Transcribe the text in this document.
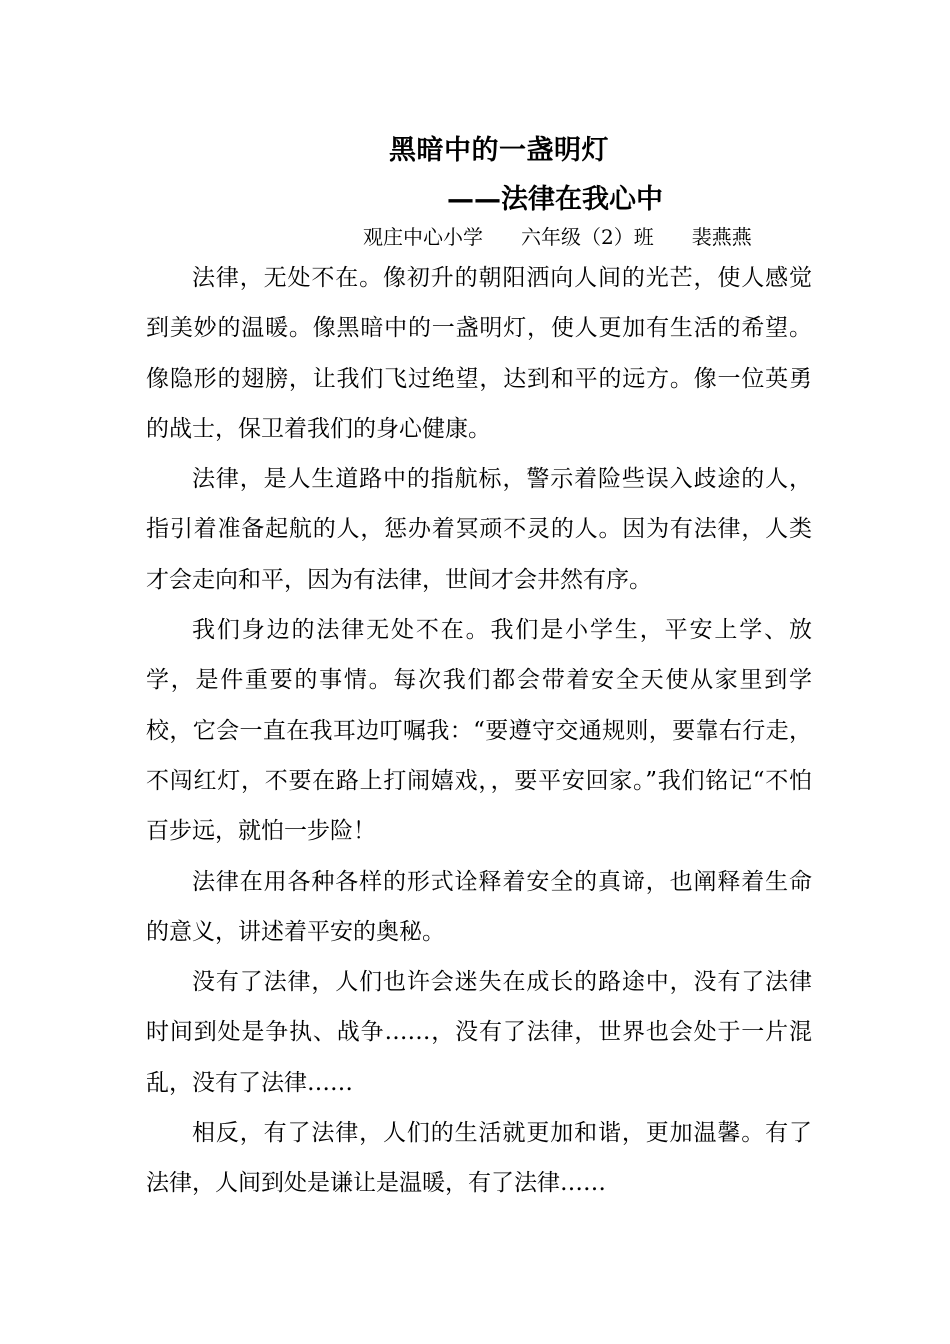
黑暗中的一盏明灯
——法律在我心中
观庄中心小学 六年级（2）班 裴燕燕

法律，无处不在。像初升的朝阳洒向人间的光芒，使人感觉到美妙的温暖。像黑暗中的一盏明灯，使人更加有生活的希望。像隐形的翅膀，让我们飞过绝望，达到和平的远方。像一位英勇的战士，保卫着我们的身心健康。

法律，是人生道路中的指航标，警示着险些误入歧途的人，指引着准备起航的人，惩办着冥顽不灵的人。因为有法律，人类才会走向和平，因为有法律，世间才会井然有序。

我们身边的法律无处不在。我们是小学生，平安上学、放学，是件重要的事情。每次我们都会带着安全天使从家里到学校，它会一直在我耳边叮嘱我：“要遵守交通规则，要靠右行走，不闯红灯，不要在路上打闹嬉戏，，要平安回家。”我们铭记“不怕百步远，就怕一步险！

法律在用各种各样的形式诠释着安全的真谛，也阐释着生命的意义，讲述着平安的奥秘。

没有了法律，人们也许会迷失在成长的路途中，没有了法律时间到处是争执、战争……，没有了法律，世界也会处于一片混乱，没有了法律……

相反，有了法律，人们的生活就更加和谐，更加温馨。有了法律，人间到处是谦让是温暖，有了法律……
